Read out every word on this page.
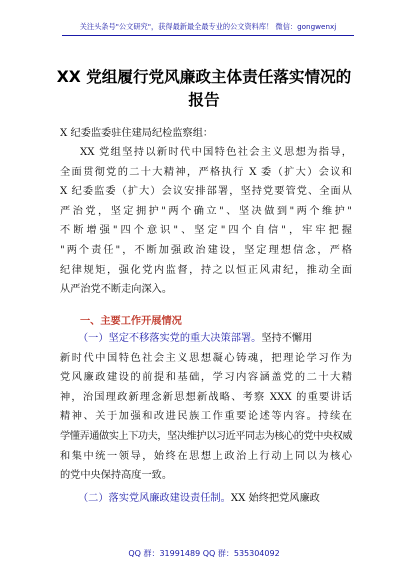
关注头条号"公文研究"，获得最新最全最专业的公文资料库！ 微信：gongwenxj
XX 党组履行党风廉政主体责任落实情况的
报告
X 纪委监委驻住建局纪检监察组：
XX 党组坚持以新时代中国特色社会主义思想为指导，
全面贯彻党的二十大精神，严格执行 X 委（扩大）会议和
X 纪委监委（扩大）会议安排部署，坚持党要管党、全面从
严治党，坚定拥护"两个确立"、坚决做到"两个维护"
不断增强"四个意识"、坚定"四个自信"，牢牢把握
"两个责任"，不断加强政治建设，坚定理想信念，严格
纪律规矩，强化党内监督，持之以恒正风肃纪，推动全面
从严治党不断走向深入。
一、主要工作开展情况
（一）坚定不移落实党的重大决策部署。坚持不懈用
新时代中国特色社会主义思想凝心铸魂，把理论学习作为
党风廉政建设的前提和基础，学习内容涵盖党的二十大精
神，治国理政新理念新思想新战略、考察 XXX 的重要讲话
精神、关于加强和改进民族工作重要论述等内容。持续在
学懂弄通做实上下功夫，坚决维护以习近平同志为核心的党中央权威
和集中统一领导，始终在思想上政治上行动上同以为核心
的党中央保持高度一致。
（二）落实党风廉政建设责任制。XX 始终把党风廉政
QQ 群：31991489 QQ 群：535304092
